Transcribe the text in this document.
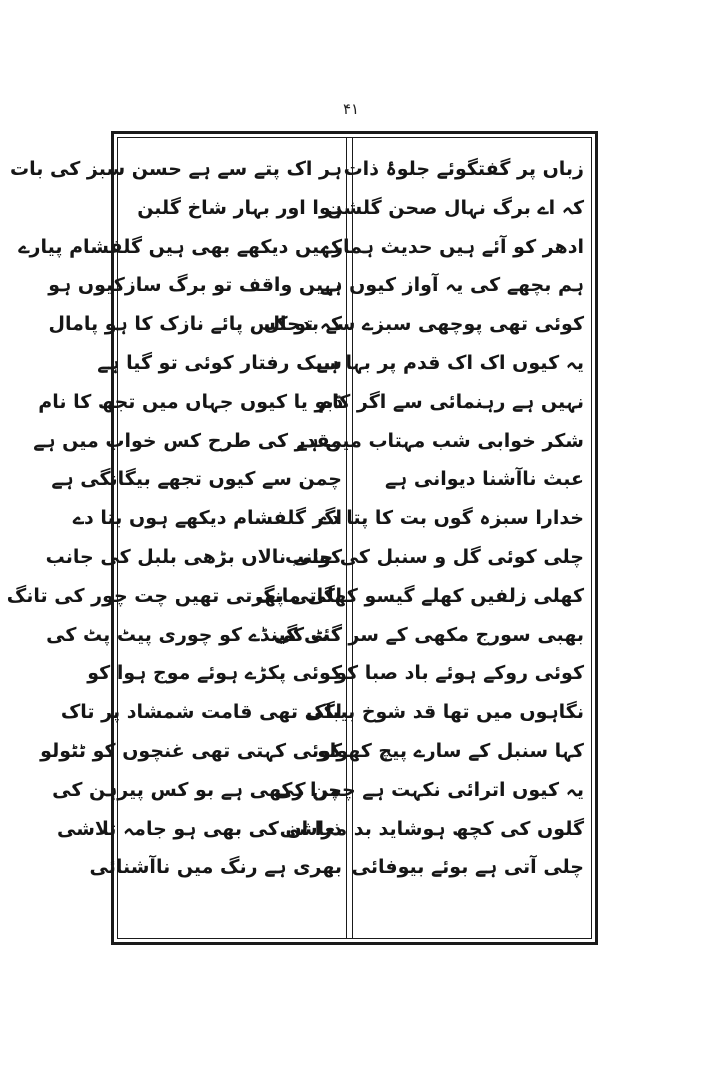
۴۱
زباں پر گفتگوئے جلوۂ ذات
کہ اے برگ نہال صحن گلشن
ادھر کو آئے ہیں حدیث ہمارے
ہم بچھے کی یہ آواز کیوں ہے
کوئی تھی پوچھی سبزے سے بدحال
یہ کیوں اک اک قدم پر بہا ہے
نہیں ہے رہنمائی سے اگر کام
شکر خوابی شب مہتاب میں ہے
عبث ناآشنا دیوانی ہے
خدارا سبزہ گوں بت کا پتا دے
چلی کوئی گل و سنبل کی جانب
کھلی زلفیں کھلے گیسو کھلی مانگ
بھبی سورج مکھی کے سر کٹ کی
کوئی روکے ہوئے باد صبا کو
نگاہوں میں تھا قد شوخ بیباک
کہا سنبل کے سارے پیچ کھولو
یہ کیوں اترائی نکہت ہے چمن کی
گلوں کی کچھ ہوشاید بد معاشی
چلی آتی ہے بوئے بیوفائی
ہر اک پتے سے ہے حسن سبز کی بات
ہوا اور بہار شاخ گلبن
کہیں دیکھے بھی ہیں گلفشام پیارے
نہیں واقف تو برگ سازکیوں ہو
کہ تو کس پائے نازک کا ہو پامال
سبک رفتار کوئی تو گیا ہے
ڈبو یا کیوں جہاں میں تجھ کا نام
مقدر کی طرح کس خواب میں ہے
چمن سے کیوں تجھے بیگانگی ہے
اگر گلفشام دیکھے ہوں بتا دے
کوئی نالاں بڑھی بلبل کی جانب
لگاتی پھرتی تھیں چت چور کی تانگ
گئی گینڈے کو چوری پیٹ پٹ کی
کوئی پکڑے ہوئے موج ہوا کو
لگی تھی قامت شمشاد پر تاک
کوئی کہتی تھی غنچوں کو ٹٹولو
چرا رکھی ہے بو کس پیرہن کی
ذرا ان کی بھی ہو جامہ تلاشی
بھری ہے رنگ میں ناآشنائی
